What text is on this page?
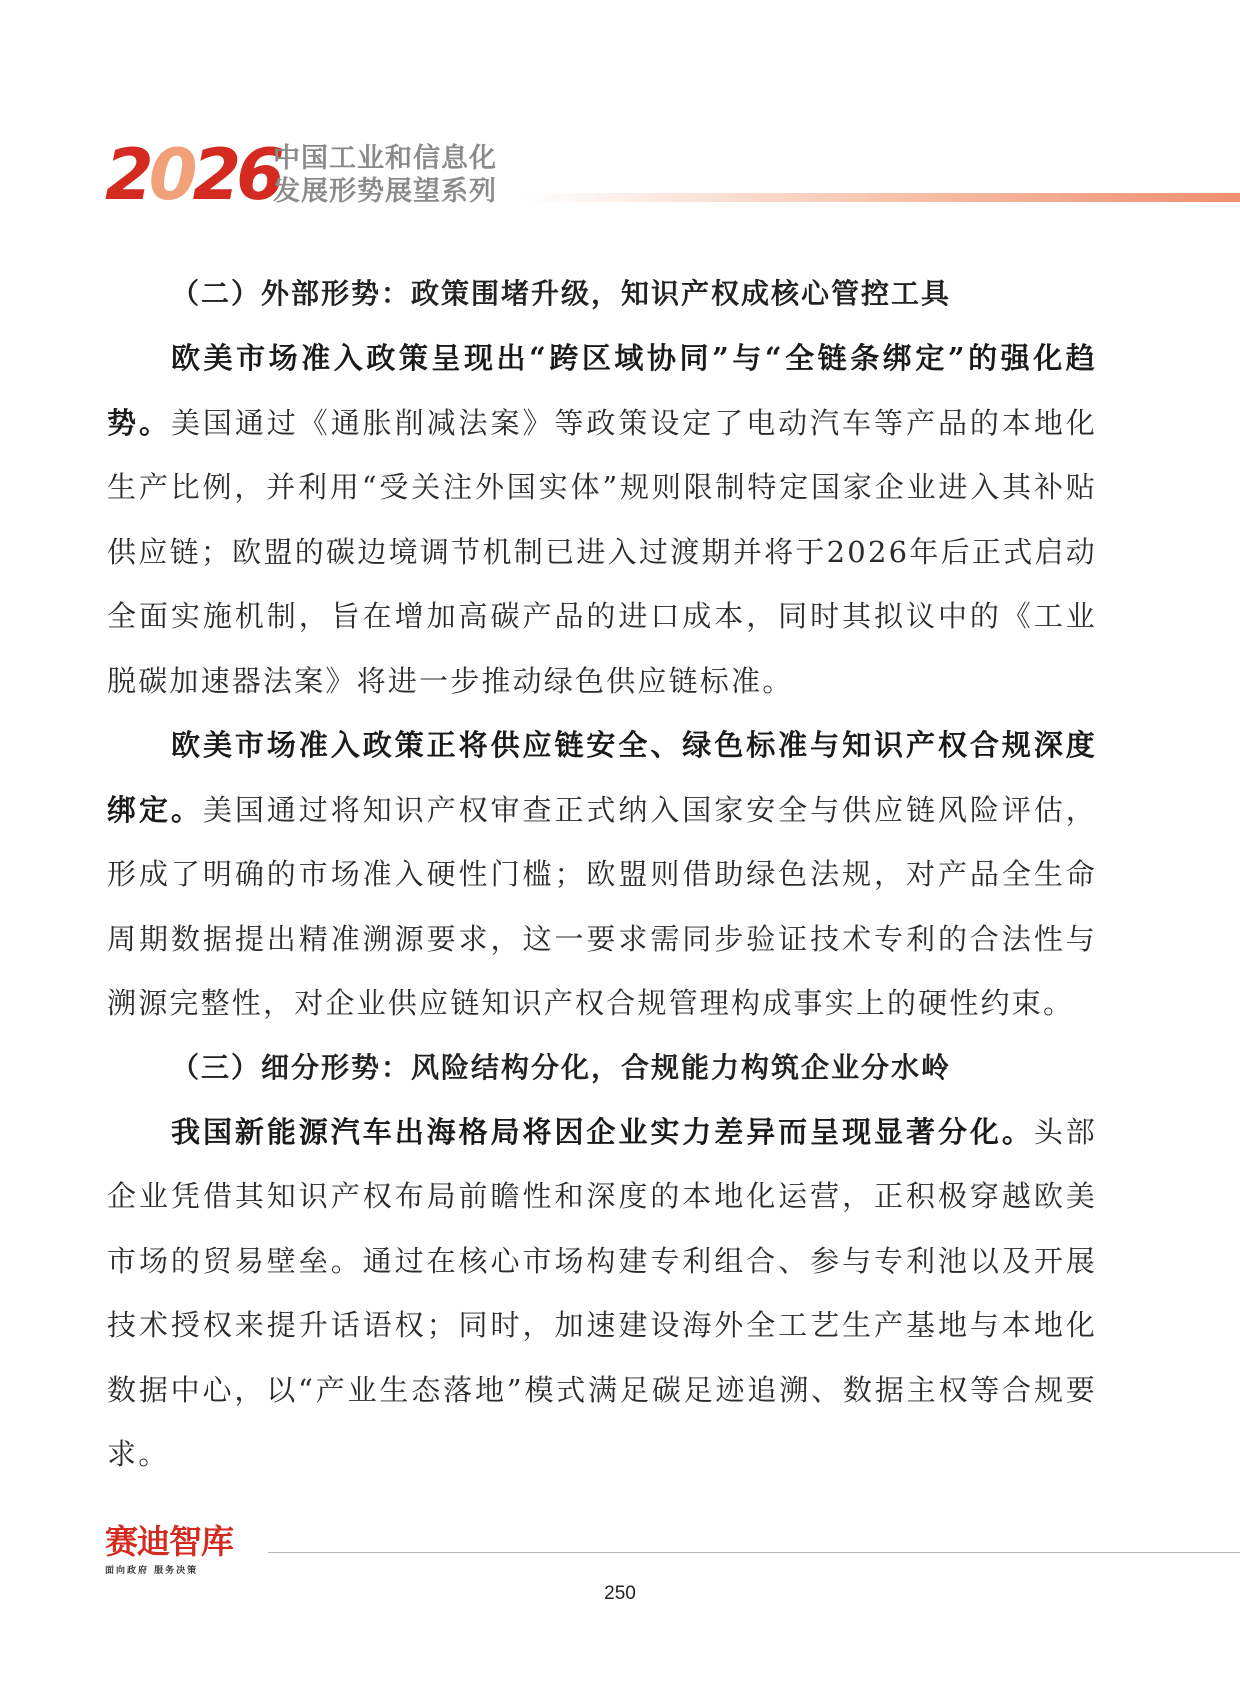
2026
中国工业和信息化
发展形势展望系列
（二）外部形势：政策围堵升级，知识产权成核心管控工具

欧美市场准入政策呈现出“跨区域协同”与“全链条绑定”的强化趋势。美国通过《通胀削减法案》等政策设定了电动汽车等产品的本地化生产比例，并利用“受关注外国实体”规则限制特定国家企业进入其补贴供应链；欧盟的碳边境调节机制已进入过渡期并将于2026年后正式启动全面实施机制，旨在增加高碳产品的进口成本，同时其拟议中的《工业脱碳加速器法案》将进一步推动绿色供应链标准。

欧美市场准入政策正将供应链安全、绿色标准与知识产权合规深度绑定。美国通过将知识产权审查正式纳入国家安全与供应链风险评估，形成了明确的市场准入硬性门槛；欧盟则借助绿色法规，对产品全生命周期数据提出精准溯源要求，这一要求需同步验证技术专利的合法性与溯源完整性，对企业供应链知识产权合规管理构成事实上的硬性约束。

（三）细分形势：风险结构分化，合规能力构筑企业分水岭

我国新能源汽车出海格局将因企业实力差异而呈现显著分化。头部企业凭借其知识产权布局前瞻性和深度的本地化运营，正积极穿越欧美市场的贸易壁垒。通过在核心市场构建专利组合、参与专利池以及开展技术授权来提升话语权；同时，加速建设海外全工艺生产基地与本地化数据中心，以“产业生态落地”模式满足碳足迹追溯、数据主权等合规要求。

赛迪智库
面向政府 服务决策
250
